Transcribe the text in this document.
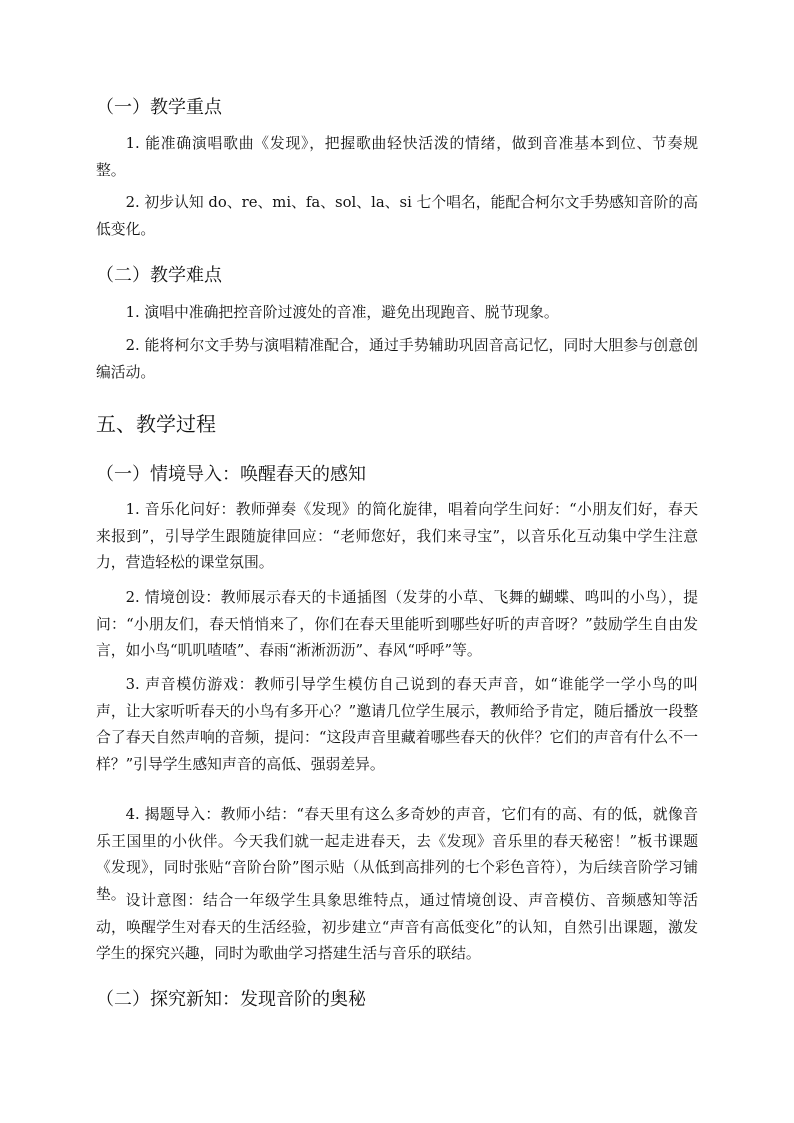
（一）教学重点

1. 能准确演唱歌曲《发现》，把握歌曲轻快活泼的情绪，做到音准基本到位、节奏规整。

2. 初步认知 do、re、mi、fa、sol、la、si 七个唱名，能配合柯尔文手势感知音阶的高低变化。

（二）教学难点

1. 演唱中准确把控音阶过渡处的音准，避免出现跑音、脱节现象。

2. 能将柯尔文手势与演唱精准配合，通过手势辅助巩固音高记忆，同时大胆参与创意创编活动。

五、教学过程
（一）情境导入：唤醒春天的感知

1. 音乐化问好：教师弹奏《发现》的简化旋律，唱着向学生问好：“小朋友们好，春天来报到”，引导学生跟随旋律回应：“老师您好，我们来寻宝”，以音乐化互动集中学生注意力，营造轻松的课堂氛围。

2. 情境创设：教师展示春天的卡通插图（发芽的小草、飞舞的蝴蝶、鸣叫的小鸟），提问：“小朋友们，春天悄悄来了，你们在春天里能听到哪些好听的声音呀？”鼓励学生自由发言，如小鸟“叽叽喳喳”、春雨“淅淅沥沥”、春风“呼呼”等。

3. 声音模仿游戏：教师引导学生模仿自己说到的春天声音，如“谁能学一学小鸟的叫声，让大家听听春天的小鸟有多开心？”邀请几位学生展示，教师给予肯定，随后播放一段整合了春天自然声响的音频，提问：“这段声音里藏着哪些春天的伙伴？它们的声音有什么不一样？”引导学生感知声音的高低、强弱差异。

4. 揭题导入：教师小结：“春天里有这么多奇妙的声音，它们有的高、有的低，就像音乐王国里的小伙伴。今天我们就一起走进春天，去《发现》音乐里的春天秘密！”板书课题《发现》，同时张贴“音阶台阶”图示贴（从低到高排列的七个彩色音符），为后续音阶学习铺垫。 设计意图：结合一年级学生具象思维特点，通过情境创设、声音模仿、音频感知等活动，唤醒学生对春天的生活经验，初步建立“声音有高低变化”的认知，自然引出课题，激发学生的探究兴趣，同时为歌曲学习搭建生活与音乐的联结。

（二）探究新知：发现音阶的奥秘
